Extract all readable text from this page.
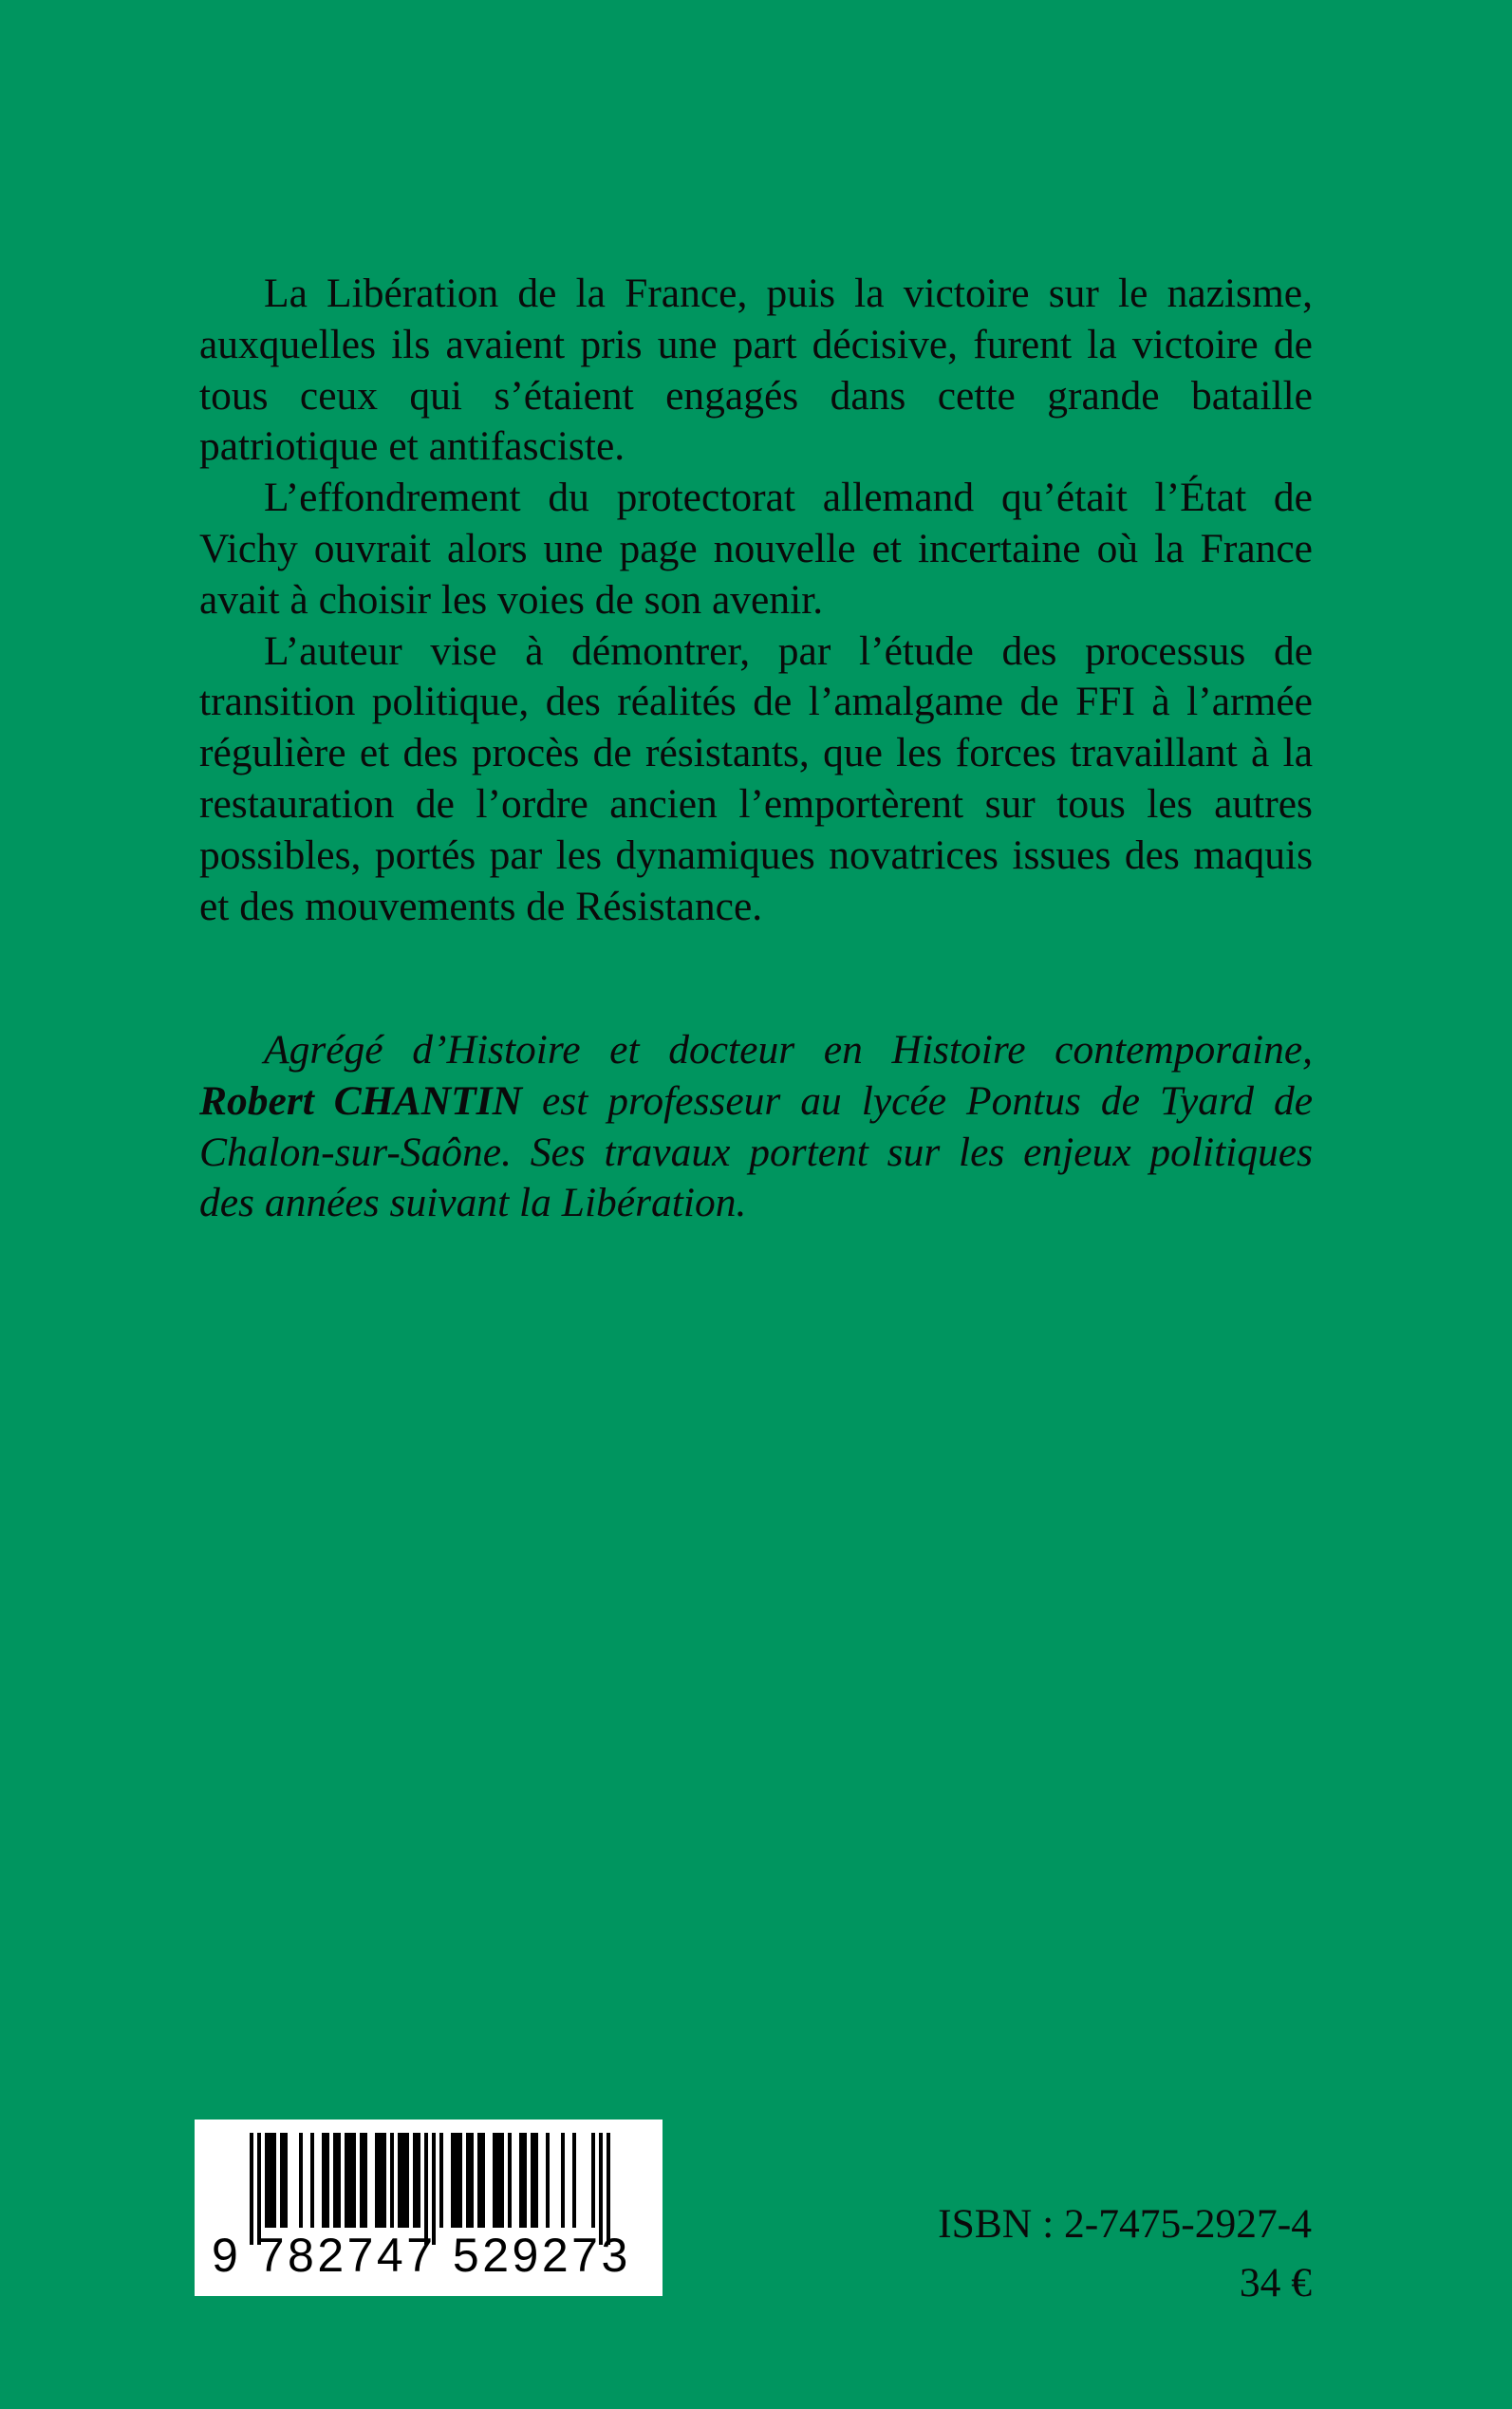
La Libération de la France, puis la victoire sur le nazisme, auxquelles ils avaient pris une part décisive, furent la victoire de tous ceux qui s’étaient engagés dans cette grande bataille patriotique et antifasciste.

L’effondrement du protectorat allemand qu’était l’État de Vichy ouvrait alors une page nouvelle et incertaine où la France avait à choisir les voies de son avenir.

L’auteur vise à démontrer, par l’étude des processus de transition politique, des réalités de l’amalgame de FFI à l’armée régulière et des procès de résistants, que les forces travaillant à la restauration de l’ordre ancien l’emportèrent sur tous les autres possibles, portés par les dynamiques novatrices issues des maquis et des mouvements de Résistance.

Agrégé d’Histoire et docteur en Histoire contemporaine, Robert CHANTIN est professeur au lycée Pontus de Tyard de Chalon-sur-Saône. Ses travaux portent sur les enjeux politiques des années suivant la Libération.
9 782747 529273
ISBN : 2-7475-2927-4
34 €
